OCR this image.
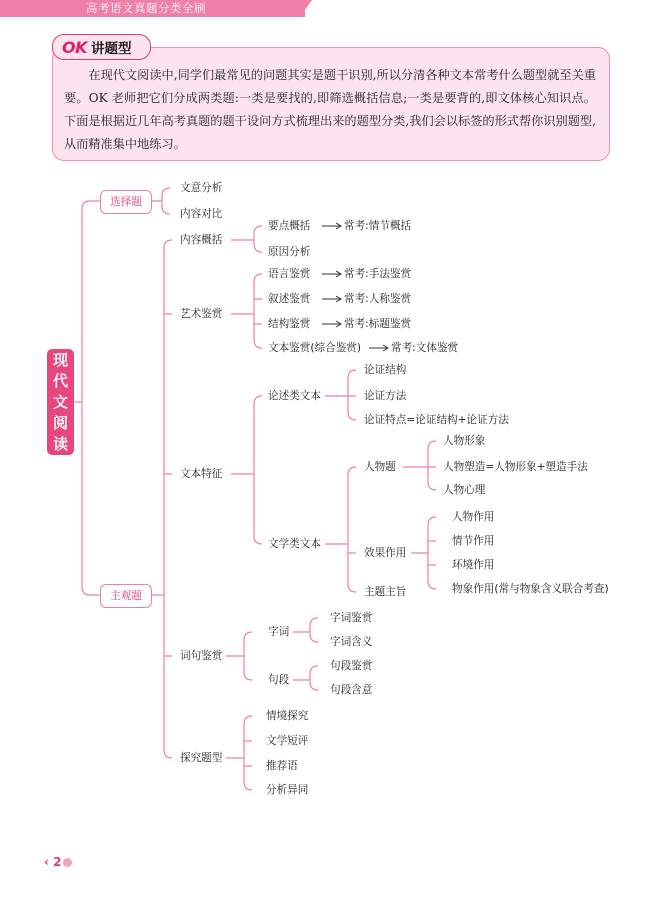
高考语文真题分类全刷
OK 讲题型

在现代文阅读中,同学们最常见的问题其实是题干识别,所以分清各种文本常考什么题型就至关重要。OK 老师把它们分成两类题:一类是要找的,即筛选概括信息;一类是要背的,即文体核心知识点。下面是根据近几年高考真题的题干设问方式梳理出来的题型分类,我们会以标签的形式帮你识别题型,从而精准集中地练习。

现
代
文
阅
读
选择题
主观题
文意分析
内容对比
内容概括
要点概括
原因分析
常考:情节概括
艺术鉴赏
语言鉴赏	常考:手法鉴赏
叙述鉴赏	常考:人称鉴赏
结构鉴赏	常考:标题鉴赏
文本鉴赏(综合鉴赏)	常考:文体鉴赏
文本特征
论述类文本
论证结构
论证方法
论证特点=论证结构+论证方法
文学类文本
人物题
人物形象
人物塑造=人物形象+塑造手法
人物心理
效果作用
人物作用
情节作用
环境作用
物象作用(常与物象含义联合考查)
主题主旨
词句鉴赏
字词
字词鉴赏
字词含义
句段
句段鉴赏
句段含意
探究题型
情境探究
文学短评
推荐语
分析异同
‹ 2
